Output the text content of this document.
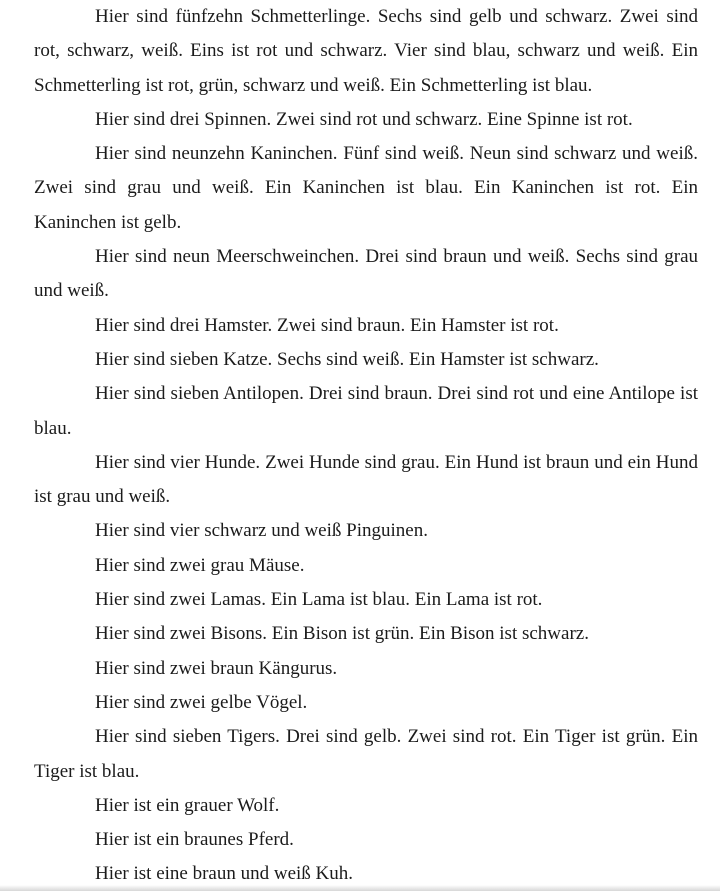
Hier sind fünfzehn Schmetterlinge. Sechs sind gelb und schwarz. Zwei sind rot, schwarz, weiß. Eins ist rot und schwarz. Vier sind blau, schwarz und weiß. Ein Schmetterling ist rot, grün, schwarz und weiß. Ein Schmetterling ist blau.

Hier sind drei Spinnen. Zwei sind rot und schwarz. Eine Spinne ist rot.

Hier sind neunzehn Kaninchen. Fünf sind weiß. Neun sind schwarz und weiß. Zwei sind grau und weiß. Ein Kaninchen ist blau. Ein Kaninchen ist rot. Ein Kaninchen ist gelb.

Hier sind neun Meerschweinchen. Drei sind braun und weiß. Sechs sind grau und weiß.

Hier sind drei Hamster. Zwei sind braun. Ein Hamster ist rot.

Hier sind sieben Katze. Sechs sind weiß. Ein Hamster ist schwarz.

Hier sind sieben Antilopen. Drei sind braun. Drei sind rot und eine Antilope ist blau.

Hier sind vier Hunde. Zwei Hunde sind grau. Ein Hund ist braun und ein Hund ist grau und weiß.

Hier sind vier schwarz und weiß Pinguinen.

Hier sind zwei grau Mäuse.

Hier sind zwei Lamas. Ein Lama ist blau. Ein Lama ist rot.

Hier sind zwei Bisons. Ein Bison ist grün. Ein Bison ist schwarz.

Hier sind zwei braun Kängurus.

Hier sind zwei gelbe Vögel.

Hier sind sieben Tigers. Drei sind gelb. Zwei sind rot. Ein Tiger ist grün. Ein Tiger ist blau.

Hier ist ein grauer Wolf.

Hier ist ein braunes Pferd.

Hier ist eine braun und weiß Kuh.
